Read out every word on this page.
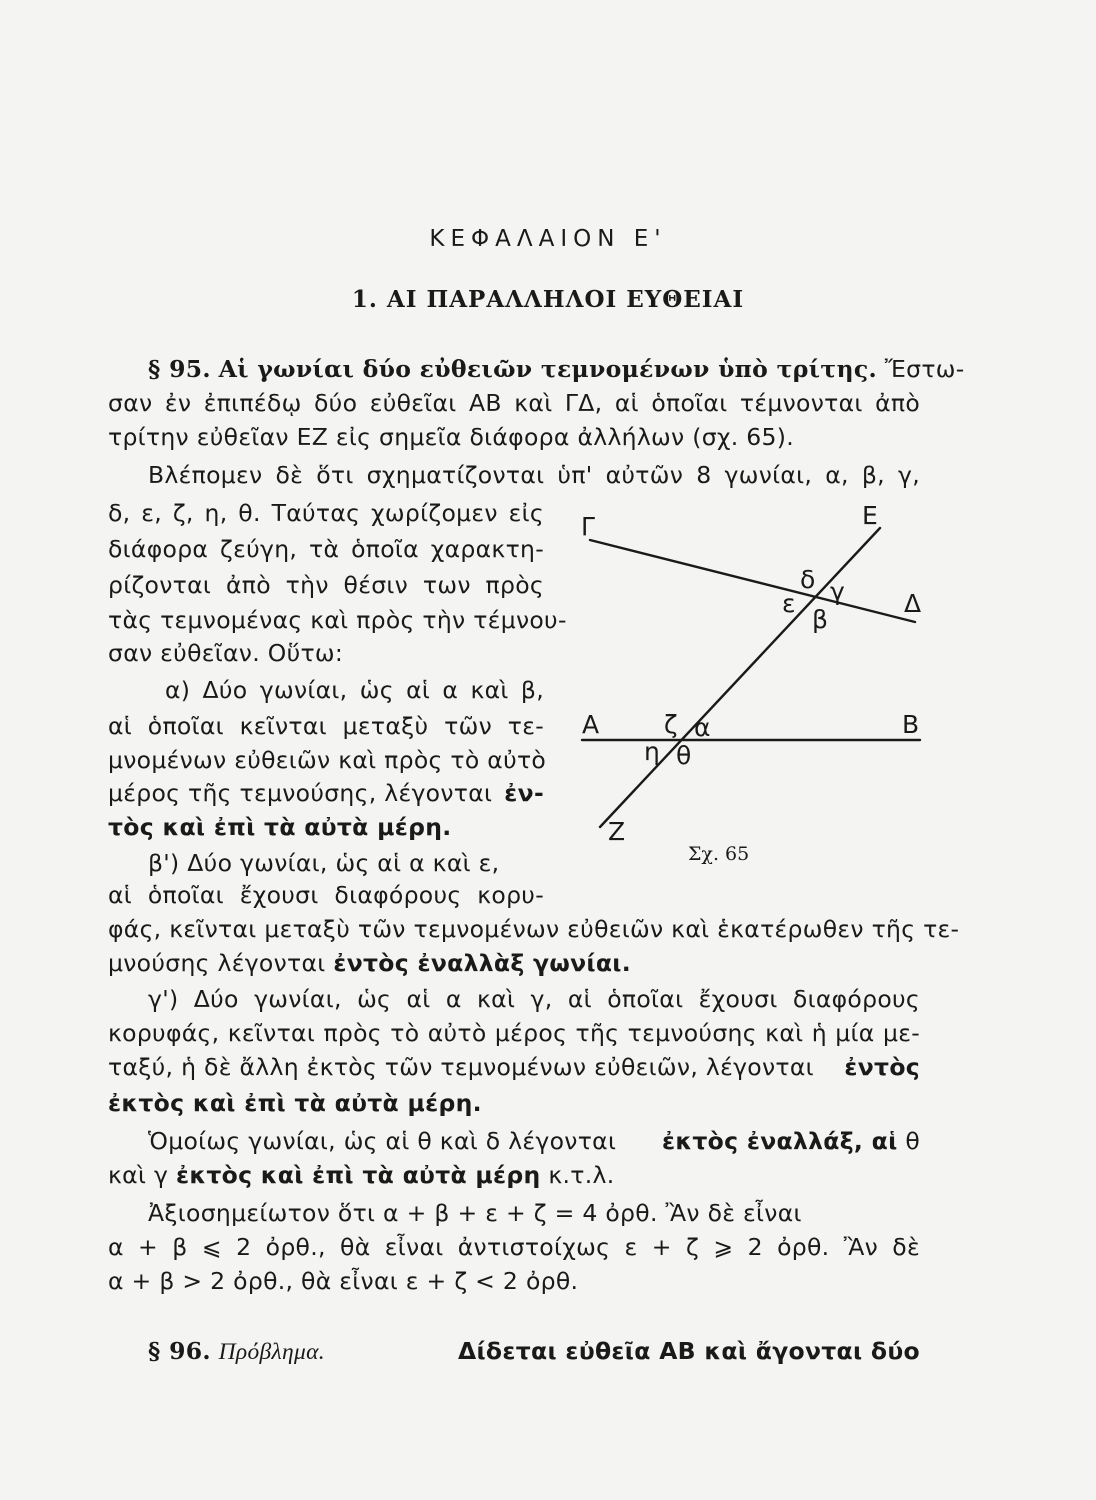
ΚΕΦΑΛΑΙΟΝ Ε'
1. ΑΙ ΠΑΡΑΛΛΗΛΟΙ ΕΥΘΕΙΑΙ
§ 95. Αἱ γωνίαι δύο εὐθειῶν τεμνομένων ὑπὸ τρίτης. Ἔστω-
σαν ἐν ἐπιπέδῳ δύο εὐθεῖαι ΑΒ καὶ ΓΔ, αἱ ὁποῖαι τέμνονται ἀπὸ
τρίτην εὐθεῖαν ΕΖ εἰς σημεῖα διάφορα ἀλλήλων (σχ. 65).
Βλέπομεν δὲ ὅτι σχηματίζονται ὑπ' αὐτῶν 8 γωνίαι, α, β, γ,
δ, ε, ζ, η, θ. Ταύτας χωρίζομεν εἰς
διάφορα ζεύγη, τὰ ὁποῖα χαρακτη-
ρίζονται ἀπὸ τὴν θέσιν των πρὸς
τὰς τεμνομένας καὶ πρὸς τὴν τέμνου-
σαν εὐθεῖαν. Οὕτω:
α) Δύο γωνίαι, ὡς αἱ α καὶ β,
αἱ ὁποῖαι κεῖνται μεταξὺ τῶν τε-
μνομένων εὐθειῶν καὶ πρὸς τὸ αὐτὸ
μέρος τῆς τεμνούσης, λέγονται ἐν-
τὸς καὶ ἐπὶ τὰ αὐτὰ μέρη.
β') Δύο γωνίαι, ὡς αἱ α καὶ ε,
αἱ ὁποῖαι ἔχουσι διαφόρους κορυ-
φάς, κεῖνται μεταξὺ τῶν τεμνομένων εὐθειῶν καὶ ἑκατέρωθεν τῆς τε-
μνούσης λέγονται ἐντὸς ἐναλλὰξ γωνίαι.
γ') Δύο γωνίαι, ὡς αἱ α καὶ γ, αἱ ὁποῖαι ἔχουσι διαφόρους
κορυφάς, κεῖνται πρὸς τὸ αὐτὸ μέρος τῆς τεμνούσης καὶ ἡ μία με-
ταξύ, ἡ δὲ ἄλλη ἐκτὸς τῶν τεμνομένων εὐθειῶν, λέγονται ἐντὸς
ἐκτὸς καὶ ἐπὶ τὰ αὐτὰ μέρη.
Ὁμοίως γωνίαι, ὡς αἱ θ καὶ δ λέγονται ἐκτὸς ἐναλλάξ, αἱ θ
καὶ γ ἐκτὸς καὶ ἐπὶ τὰ αὐτὰ μέρη κ.τ.λ.
Ἀξιοσημείωτον ὅτι α + β + ε + ζ = 4 ὀρθ. Ἂν δὲ εἶναι
α + β ⩽ 2 ὀρθ., θὰ εἶναι ἀντιστοίχως ε + ζ ⩾ 2 ὀρθ. Ἂν δὲ
α + β > 2 ὀρθ., θὰ εἶναι ε + ζ < 2 ὀρθ.
§ 96. Πρόβλημα.	Δίδεται εὐθεῖα ΑΒ καὶ ἄγονται δύο
Γ	Ε
Δ
Α	Β
Ζ
δ γ
ε
β
ζ α
η θ
Σχ. 65
